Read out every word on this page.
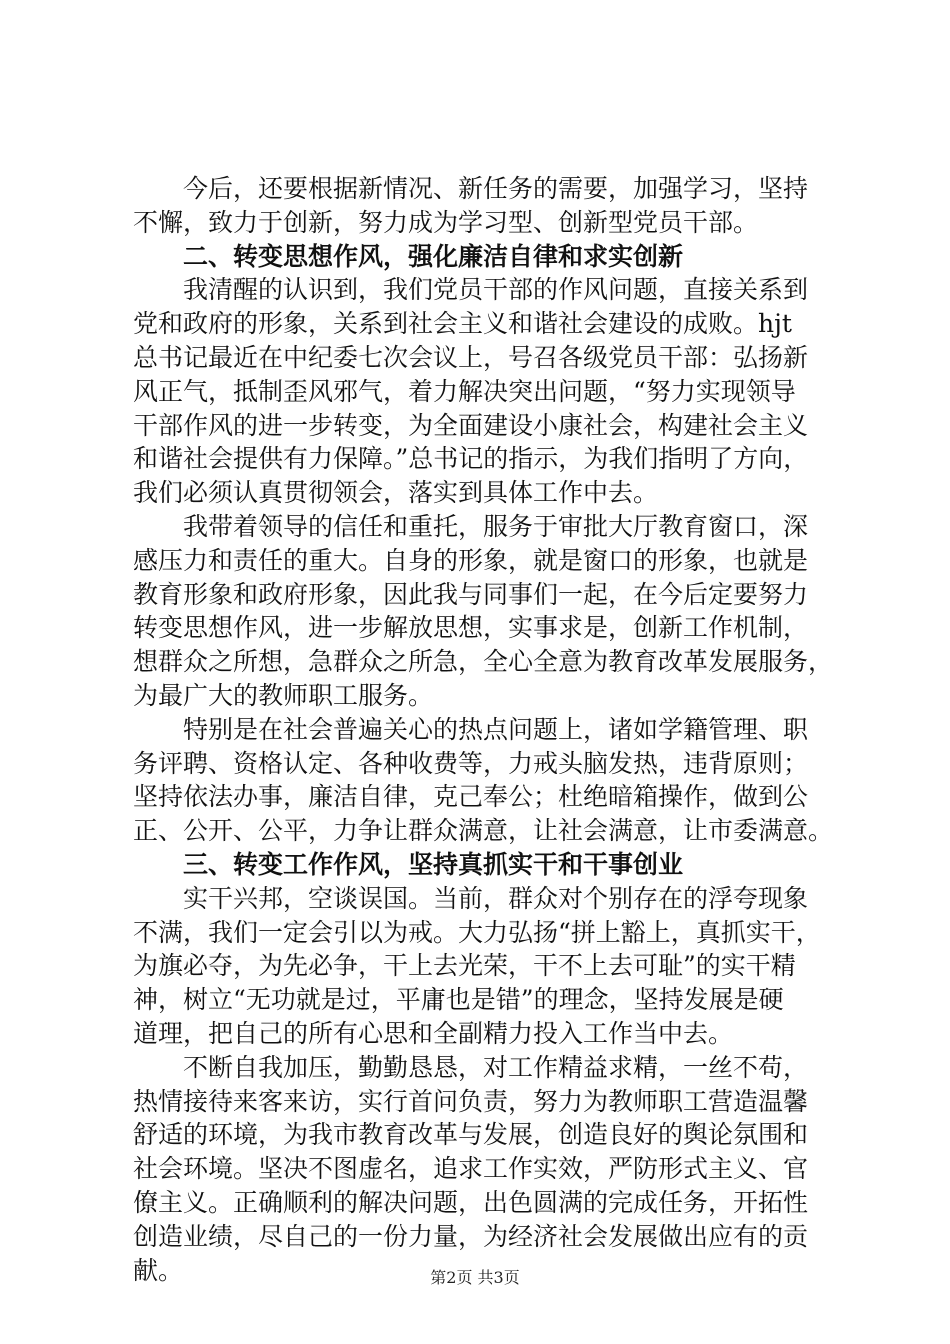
　　今后，还要根据新情况、新任务的需要，加强学习，坚持
不懈，致力于创新，努力成为学习型、创新型党员干部。
　　二、转变思想作风，强化廉洁自律和求实创新
　　我清醒的认识到，我们党员干部的作风问题，直接关系到
党和政府的形象，关系到社会主义和谐社会建设的成败。hjt
总书记最近在中纪委七次会议上，号召各级党员干部：弘扬新
风正气，抵制歪风邪气，着力解决突出问题，“努力实现领导
干部作风的进一步转变，为全面建设小康社会，构建社会主义
和谐社会提供有力保障。”总书记的指示，为我们指明了方向，
我们必须认真贯彻领会，落实到具体工作中去。
　　我带着领导的信任和重托，服务于审批大厅教育窗口，深
感压力和责任的重大。自身的形象，就是窗口的形象，也就是
教育形象和政府形象，因此我与同事们一起，在今后定要努力
转变思想作风，进一步解放思想，实事求是，创新工作机制，
想群众之所想，急群众之所急，全心全意为教育改革发展服务，
为最广大的教师职工服务。
　　特别是在社会普遍关心的热点问题上，诸如学籍管理、职
务评聘、资格认定、各种收费等，力戒头脑发热，违背原则；
坚持依法办事，廉洁自律，克己奉公；杜绝暗箱操作，做到公
正、公开、公平，力争让群众满意，让社会满意，让市委满意。
　　三、转变工作作风，坚持真抓实干和干事创业
　　实干兴邦，空谈误国。当前，群众对个别存在的浮夸现象
不满，我们一定会引以为戒。大力弘扬“拼上豁上，真抓实干，
为旗必夺，为先必争，干上去光荣，干不上去可耻”的实干精
神，树立“无功就是过，平庸也是错”的理念，坚持发展是硬
道理，把自己的所有心思和全副精力投入工作当中去。
　　不断自我加压，勤勤恳恳，对工作精益求精，一丝不苟，
热情接待来客来访，实行首问负责，努力为教师职工营造温馨
舒适的环境，为我市教育改革与发展，创造良好的舆论氛围和
社会环境。坚决不图虚名，追求工作实效，严防形式主义、官
僚主义。正确顺利的解决问题，出色圆满的完成任务，开拓性
创造业绩，尽自己的一份力量，为经济社会发展做出应有的贡
献。	第2页 共3页
